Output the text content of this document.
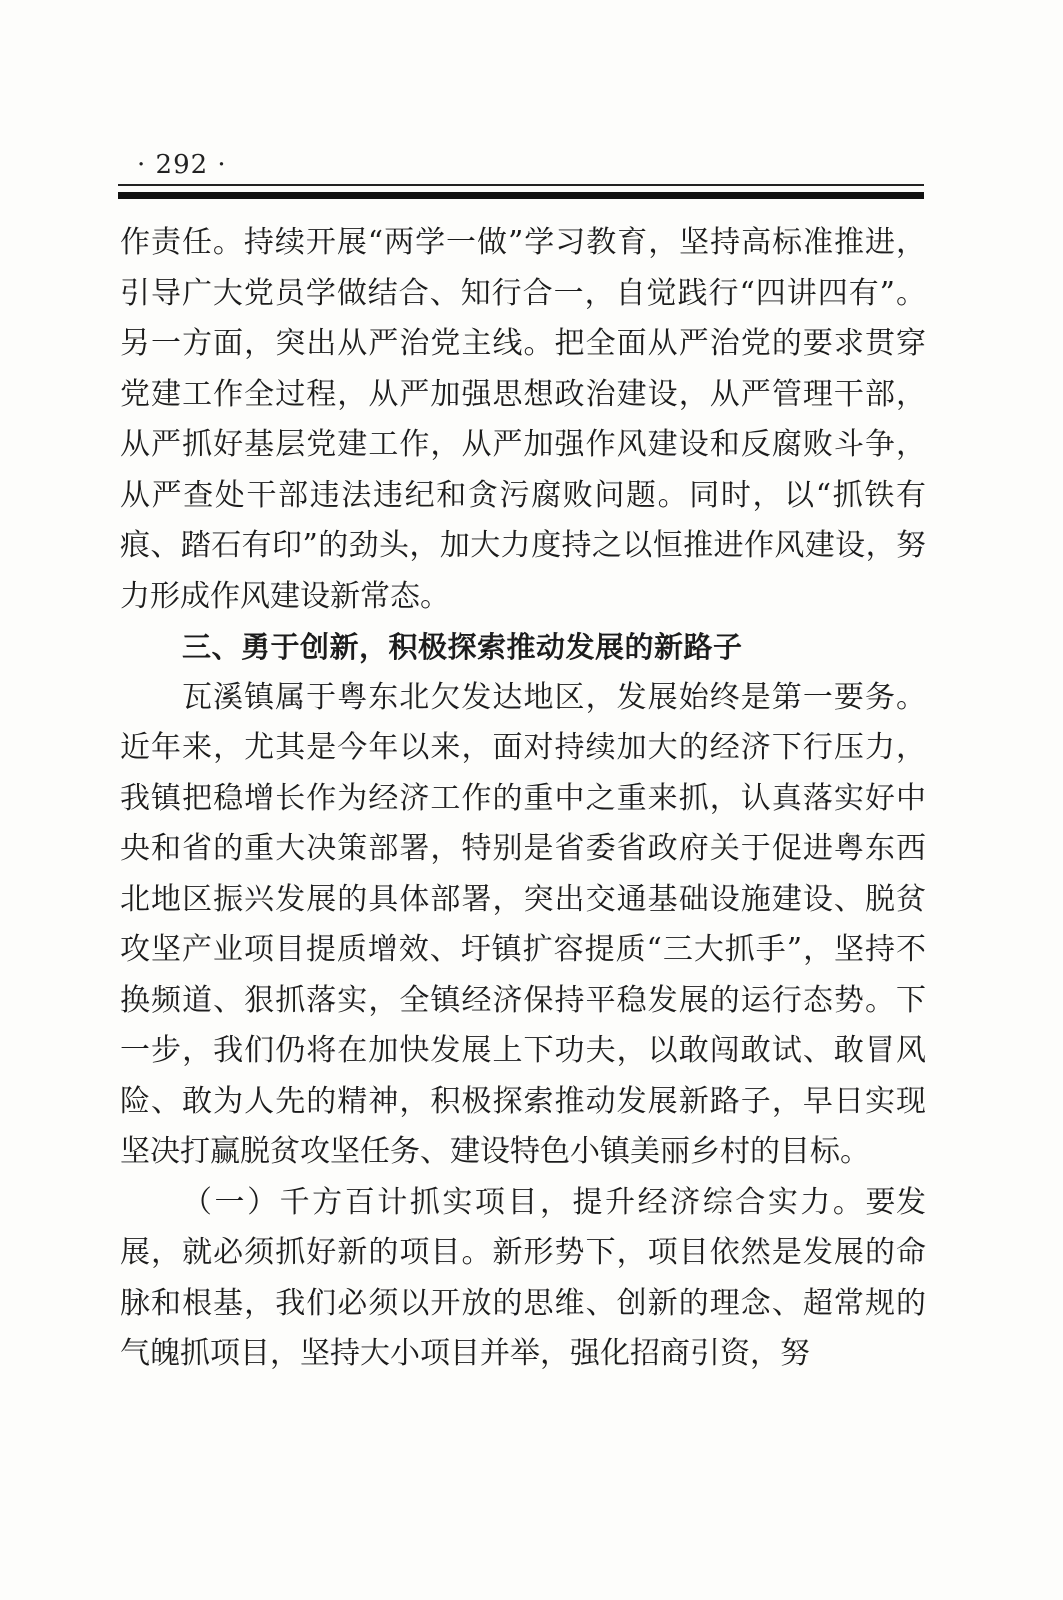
· 292 ·

作责任。持续开展“两学一做”学习教育，坚持高标准推进，引导广大党员学做结合、知行合一，自觉践行“四讲四有”。另一方面，突出从严治党主线。把全面从严治党的要求贯穿党建工作全过程，从严加强思想政治建设，从严管理干部，从严抓好基层党建工作，从严加强作风建设和反腐败斗争，从严查处干部违法违纪和贪污腐败问题。同时，以“抓铁有痕、踏石有印”的劲头，加大力度持之以恒推进作风建设，努力形成作风建设新常态。

三、勇于创新，积极探索推动发展的新路子

瓦溪镇属于粤东北欠发达地区，发展始终是第一要务。近年来，尤其是今年以来，面对持续加大的经济下行压力，我镇把稳增长作为经济工作的重中之重来抓，认真落实好中央和省的重大决策部署，特别是省委省政府关于促进粤东西北地区振兴发展的具体部署，突出交通基础设施建设、脱贫攻坚产业项目提质增效、圩镇扩容提质“三大抓手”，坚持不换频道、狠抓落实，全镇经济保持平稳发展的运行态势。下一步，我们仍将在加快发展上下功夫，以敢闯敢试、敢冒风险、敢为人先的精神，积极探索推动发展新路子，早日实现坚决打赢脱贫攻坚任务、建设特色小镇美丽乡村的目标。

（一）千方百计抓实项目，提升经济综合实力。要发展，就必须抓好新的项目。新形势下，项目依然是发展的命脉和根基，我们必须以开放的思维、创新的理念、超常规的气魄抓项目，坚持大小项目并举，强化招商引资，努
